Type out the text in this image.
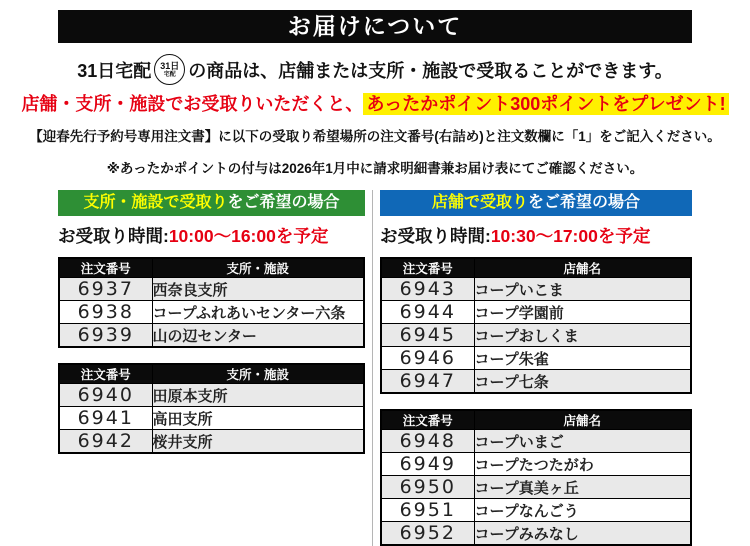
お届けについて
31日宅配 31日
宅配 の商品は、店舗または支所・施設で受取ることができます。
店舗・支所・施設でお受取りいただくと、 あったかポイント300ポイントをプレゼント!
【迎春先行予約号専用注文書】に以下の受取り希望場所の注文番号(右詰め)と注文数欄に「1」をご記入ください。
※あったかポイントの付与は2026年1月中に請求明細書兼お届け表にてご確認ください。
支所・施設で受取りをご希望の場合
お受取り時間:10:00〜16:00を予定
注文番号	支所・施設
6937	西奈良支所
6938	コープふれあいセンター六条
6939	山の辺センター
注文番号	支所・施設
6940	田原本支所
6941	高田支所
6942	桜井支所
店舗で受取りをご希望の場合
お受取り時間:10:30〜17:00を予定
注文番号	店舗名
6943	コープいこま
6944	コープ学園前
6945	コープおしくま
6946	コープ朱雀
6947	コープ七条
注文番号	店舗名
6948	コープいまご
6949	コープたつたがわ
6950	コープ真美ヶ丘
6951	コープなんごう
6952	コープみみなし
